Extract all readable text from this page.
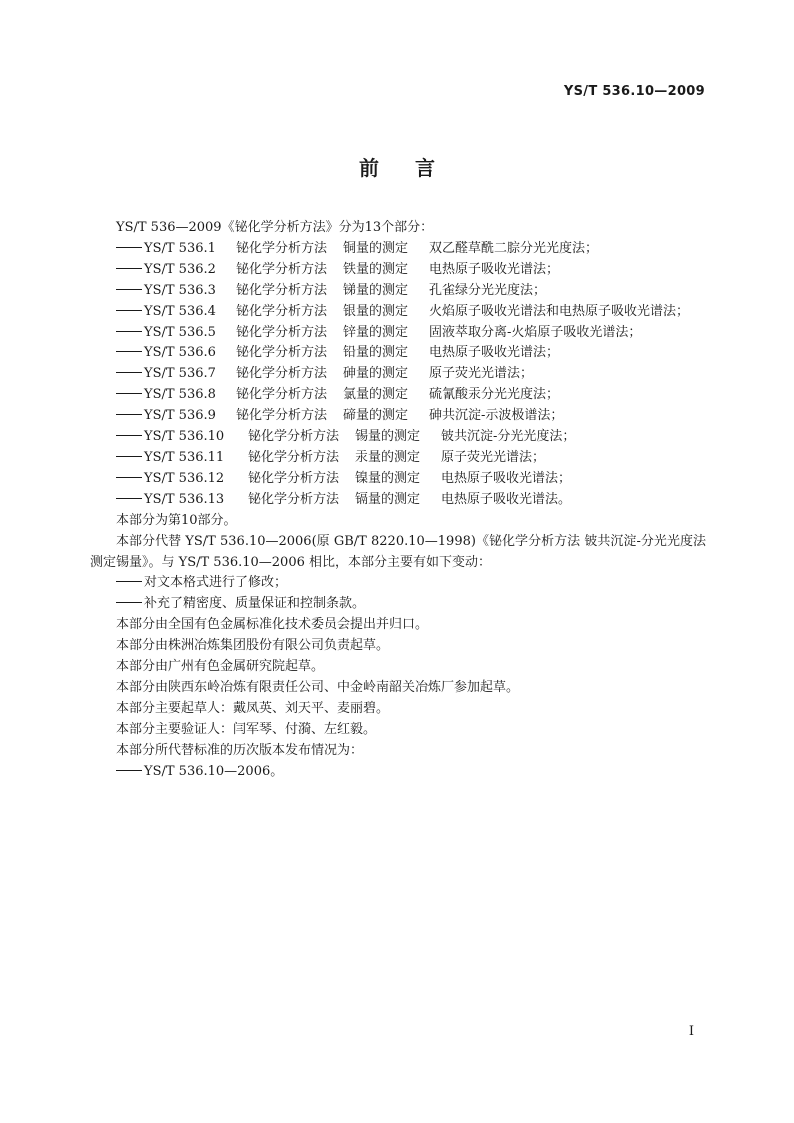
YS/T 536.10—2009
前言

YS/T 536—2009《铋化学分析方法》分为13个部分：

YS/T 536.1 铋化学分析方法 铜量的测定 双乙醛草酰二腙分光光度法；

YS/T 536.2 铋化学分析方法 铁量的测定 电热原子吸收光谱法；

YS/T 536.3 铋化学分析方法 锑量的测定 孔雀绿分光光度法；

YS/T 536.4 铋化学分析方法 银量的测定 火焰原子吸收光谱法和电热原子吸收光谱法；

YS/T 536.5 铋化学分析方法 锌量的测定 固液萃取分离-火焰原子吸收光谱法；

YS/T 536.6 铋化学分析方法 铅量的测定 电热原子吸收光谱法；

YS/T 536.7 铋化学分析方法 砷量的测定 原子荧光光谱法；

YS/T 536.8 铋化学分析方法 氯量的测定 硫氰酸汞分光光度法；

YS/T 536.9 铋化学分析方法 碲量的测定 砷共沉淀-示波极谱法；

YS/T 536.10 铋化学分析方法 锡量的测定 铍共沉淀-分光光度法；

YS/T 536.11 铋化学分析方法 汞量的测定 原子荧光光谱法；

YS/T 536.12 铋化学分析方法 镍量的测定 电热原子吸收光谱法；

YS/T 536.13 铋化学分析方法 镉量的测定 电热原子吸收光谱法。

本部分为第10部分。

本部分代替 YS/T 536.10—2006(原 GB/T 8220.10—1998)《铋化学分析方法 铍共沉淀-分光光度法测定锡量》。与 YS/T 536.10—2006 相比，本部分主要有如下变动：

对文本格式进行了修改；

补充了精密度、质量保证和控制条款。

本部分由全国有色金属标准化技术委员会提出并归口。

本部分由株洲冶炼集团股份有限公司负责起草。

本部分由广州有色金属研究院起草。

本部分由陕西东岭冶炼有限责任公司、中金岭南韶关冶炼厂参加起草。

本部分主要起草人：戴凤英、刘天平、麦丽碧。

本部分主要验证人：闫军琴、付漪、左红毅。

本部分所代替标准的历次版本发布情况为：

YS/T 536.10—2006。

I
